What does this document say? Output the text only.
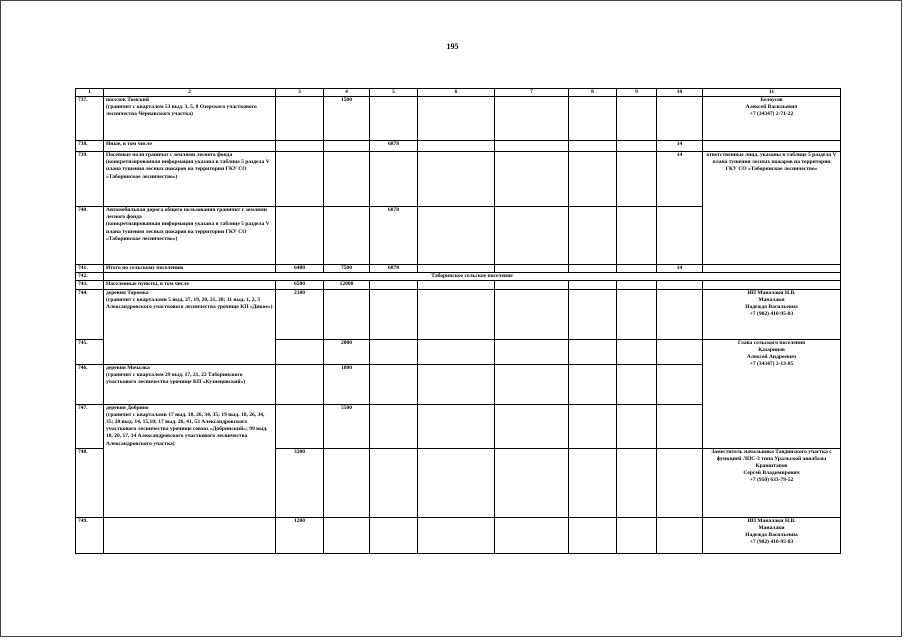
195
1	2	3	4	5	6	7	8	9	10	11
737.	поселок Томский
(граничит с кварталом 53 выд. 3, 5, 8 Озерского участкового лесничества Чернавского участка)		1500							Белоусов
Алексей Васильевич
+7 (34347) 2-71-22
738.	Иные, в том числе			6878					14	
739.	Посевные поля граничат с землями лесного фонда
(конкретизированная информация указана в таблице 5 раздела V плана тушения лесных пожаров на территории ГКУ СО «Таборинское лесничество»)								14	ответственные лица, указаны в таблице 5 раздела V плана тушения лесных пожаров на территории
ГКУ СО «Таборинское лесничество»
740.	Автомобильная дорога общего пользования граничит с землями лесного фонда
(конкретизированная информация указана в таблице 5 раздела V плана тушения лесных пожаров на территории ГКУ СО «Таборинское лесничество»)			6878						
741.	Итого по сельскому поселению	6400	7500	6878					14	
742.	Таборинское сельское поселение									
743.	Населенные пункты, в том числе	6500	12000							
744.	деревня Торомка
(граничит с кварталами 5 выд. 27, 19, 20, 21, 28; 11 выд. 1, 2, 3 Александровского участкового лесничества урочище КП «Дикое»)	2100								ИП Маналаки Н.В.
Маналаки
Надежда Васильевна
+7 (902) 410-95-83
745.			2000							Глава сельского поселения
Казаринов
Алексей Андреевич
+7 (34347) 2-13-85
746.	деревня Мочалка
(граничит с кварталом 29 выд. 17, 21, 22 Таборинского участкового лесничества урочище КП «Кузнецовский»)		1800							
747.	деревня Добрино
(граничит с кварталами 17 выд. 18, 26, 34, 35; 19 выд. 18, 26, 34, 35; 20 выд. 14, 15,10; 17 выд. 26, 41, 53 Александровского участкового лесничества урочище совхоз «Добринский»; 99 выд. 18, 20, 17, 14 Александровского участкового лесничества Александровского участка)		5500							
748.		3200								Заместитель начальника Тавдинского участка с функцией ЛПС-3 типа Уральской авиабазы
Кранштапов
Сергей Владимирович
+7 (950) 633-79-52
749.		1200								ИП Маналаки Н.В.
Маналаки
Надежда Васильевна
+7 (902) 410-95-83
